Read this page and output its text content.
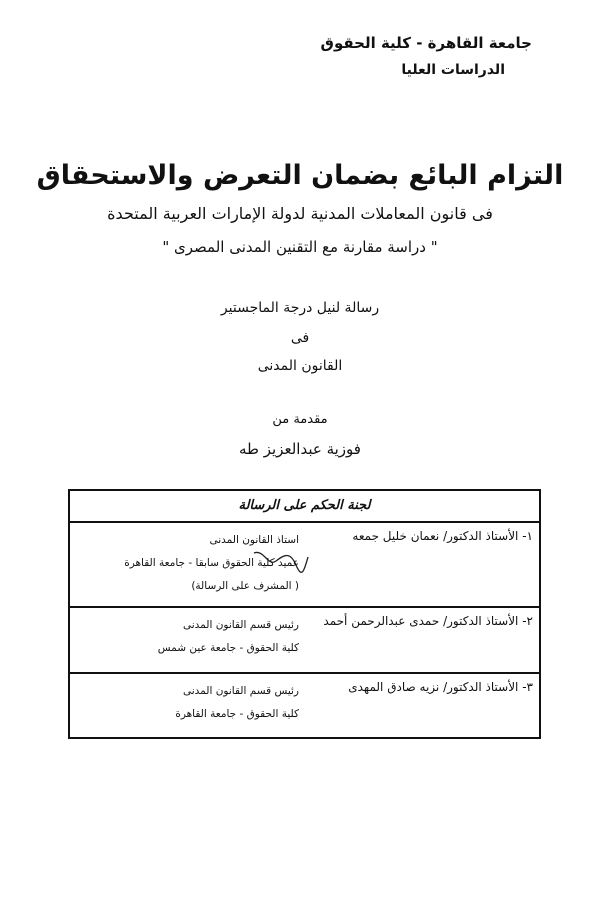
جامعة القاهرة - كلية الحقوق
الدراسات العليا
التزام البائع بضمان التعرض والاستحقاق
فى قانون المعاملات المدنية لدولة الإمارات العربية المتحدة
" دراسة مقارنة مع التقنين المدنى المصرى "
رسالة لنيل درجة الماجستير
فى
القانون المدنى
مقدمة من
فوزية عبدالعزيز طه
لجنة الحكم على الرسالة
١- الأستاذ الدكتور/ نعمان خليل جمعه
استاذ القانون المدنى
عميد كلية الحقوق سابقا - جامعة القاهرة
( المشرف على الرسالة)
٢- الأستاذ الدكتور/ حمدى عبدالرحمن أحمد
رئيس قسم القانون المدنى
كلية الحقوق - جامعة عين شمس
٣- الأستاذ الدكتور/ نزيه صادق المهدى
رئيس قسم القانون المدنى
كلية الحقوق - جامعة القاهرة
